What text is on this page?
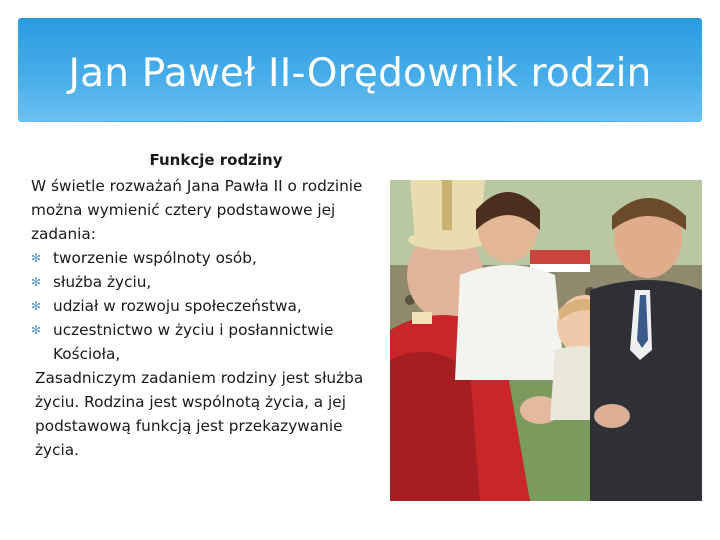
Jan Paweł II-Orędownik rodzin
Funkcje rodziny

W świetle rozważań Jana Pawła II o rodzinie można wymienić cztery podstawowe jej zadania:

✻ tworzenie wspólnoty osób,
✻ służba życiu,
✻ udział w rozwoju społeczeństwa,
✻ uczestnictwo w życiu i posłannictwie Kościoła,

Zasadniczym zadaniem rodziny jest służba życiu. Rodzina jest wspólnotą życia, a jej podstawową funkcją jest przekazywanie życia.
